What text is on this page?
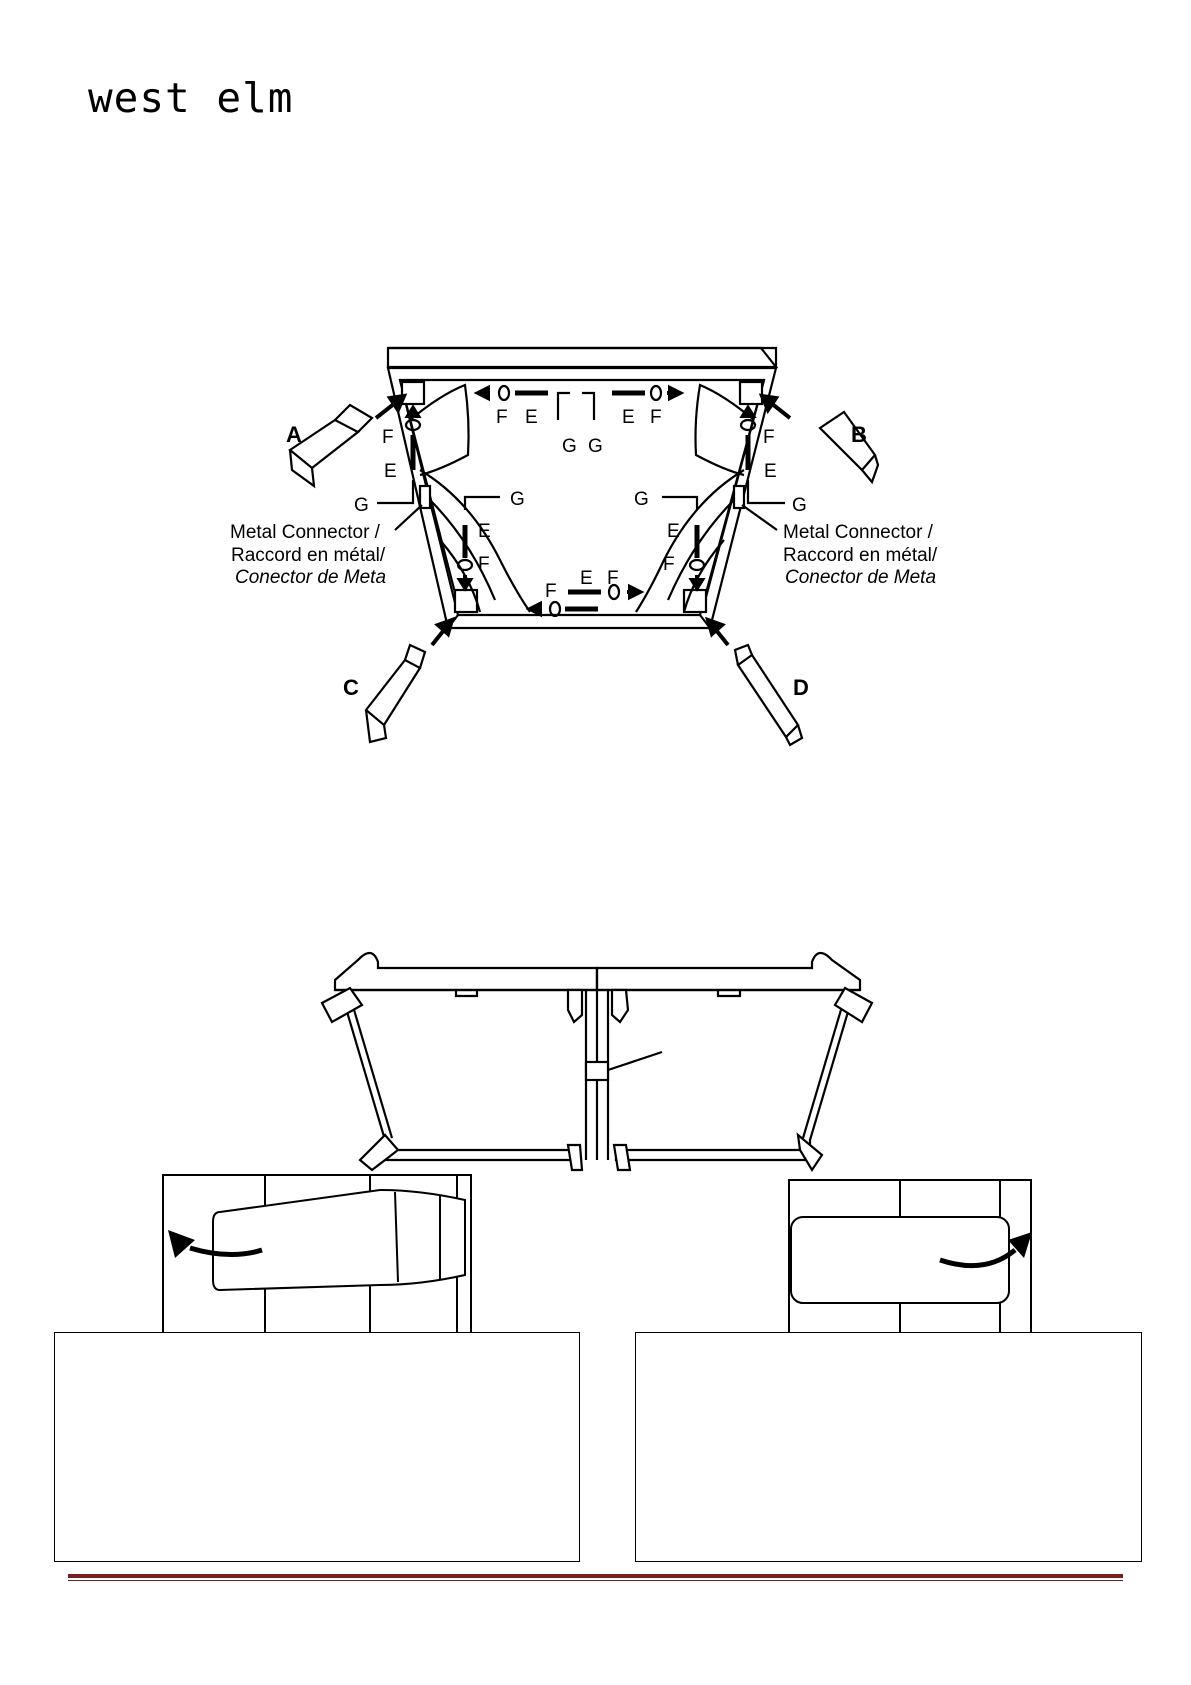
west elm
A	B
C	D
F E
G G
E F
F
E
G	G
E
F
F
E F
G
E
F
F
E
G
Metal Connector /
Raccord en métal/
Conector de Meta
Metal Connector /
Raccord en métal/
Conector de Meta
